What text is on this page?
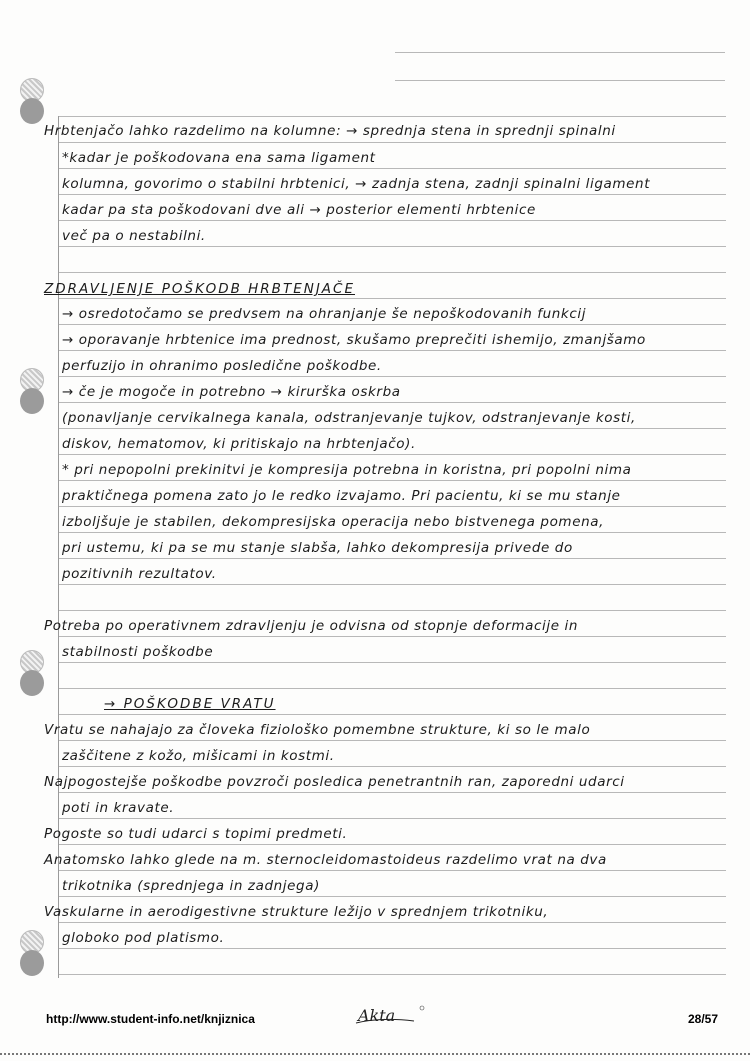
Hrbtenjačo lahko razdelimo na kolumne: → sprednja stena in sprednji spinalni
*kadar je poškodovana ena sama ligament
kolumna, govorimo o stabilni hrbtenici, → zadnja stena, zadnji spinalni ligament
kadar pa sta poškodovani dve ali → posterior elementi hrbtenice
več pa o nestabilni.
ZDRAVLJENJE POŠKODB HRBTENJAČE
→ osredotočamo se predvsem na ohranjanje še nepoškodovanih funkcij
→ oporavanje hrbtenice ima prednost, skušamo preprečiti ishemijo, zmanjšamo
perfuzijo in ohranimo posledične poškodbe.
→ če je mogoče in potrebno → kirurška oskrba
(ponavljanje cervikalnega kanala, odstranjevanje tujkov, odstranjevanje kosti,
diskov, hematomov, ki pritiskajo na hrbtenjačo).
* pri nepopolni prekinitvi je kompresija potrebna in koristna, pri popolni nima
praktičnega pomena zato jo le redko izvajamo. Pri pacientu, ki se mu stanje
izboljšuje je stabilen, dekompresijska operacija nebo bistvenega pomena,
pri ustemu, ki pa se mu stanje slabša, lahko dekompresija privede do
pozitivnih rezultatov.
Potreba po operativnem zdravljenju je odvisna od stopnje deformacije in
stabilnosti poškodbe
→ POŠKODBE VRATU
Vratu se nahajajo za človeka fiziološko pomembne strukture, ki so le malo
zaščitene z kožo, mišicami in kostmi.
Najpogostejše poškodbe povzroči posledica penetrantnih ran, zaporedni udarci
poti in kravate.
Pogoste so tudi udarci s topimi predmeti.
Anatomsko lahko glede na m. sternocleidomastoideus razdelimo vrat na dva
trikotnika (sprednjega in zadnjega)
Vaskularne in aerodigestivne strukture ležijo v sprednjem trikotniku,
globoko pod platismo.
http://www.student-info.net/knjiznica	Akta	28/57
